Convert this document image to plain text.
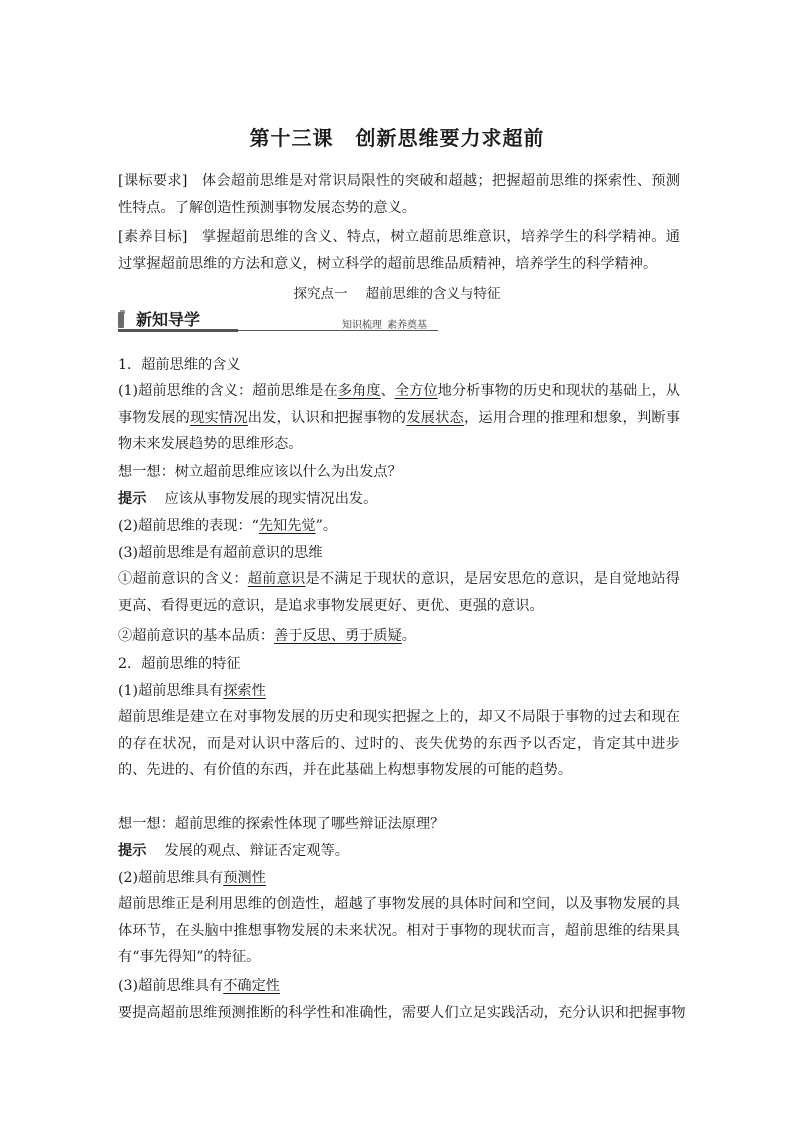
第十三课 创新思维要力求超前
[课标要求] 体会超前思维是对常识局限性的突破和超越；把握超前思维的探索性、预测性特点。了解创造性预测事物发展态势的意义。
[素养目标] 掌握超前思维的含义、特点，树立超前思维意识，培养学生的科学精神。通过掌握超前思维的方法和意义，树立科学的超前思维品质精神，培养学生的科学精神。
探究点一 超前思维的含义与特征
新知导学	知识梳理 素养奠基
1．超前思维的含义
(1)超前思维的含义：超前思维是在多角度、全方位地分析事物的历史和现状的基础上，从事物发展的现实情况出发，认识和把握事物的发展状态，运用合理的推理和想象，判断事物未来发展趋势的思维形态。
想一想：树立超前思维应该以什么为出发点？
提示 应该从事物发展的现实情况出发。
(2)超前思维的表现：“先知先觉”。
(3)超前思维是有超前意识的思维
①超前意识的含义：超前意识是不满足于现状的意识，是居安思危的意识，是自觉地站得更高、看得更远的意识，是追求事物发展更好、更优、更强的意识。
②超前意识的基本品质：善于反思、勇于质疑。
2．超前思维的特征
(1)超前思维具有探索性
超前思维是建立在对事物发展的历史和现实把握之上的，却又不局限于事物的过去和现在的存在状况，而是对认识中落后的、过时的、丧失优势的东西予以否定，肯定其中进步的、先进的、有价值的东西，并在此基础上构想事物发展的可能的趋势。
想一想：超前思维的探索性体现了哪些辩证法原理？
提示 发展的观点、辩证否定观等。
(2)超前思维具有预测性
超前思维正是利用思维的创造性，超越了事物发展的具体时间和空间，以及事物发展的具体环节，在头脑中推想事物发展的未来状况。相对于事物的现状而言，超前思维的结果具有“事先得知”的特征。
(3)超前思维具有不确定性
要提高超前思维预测推断的科学性和准确性，需要人们立足实践活动，充分认识和把握事物
